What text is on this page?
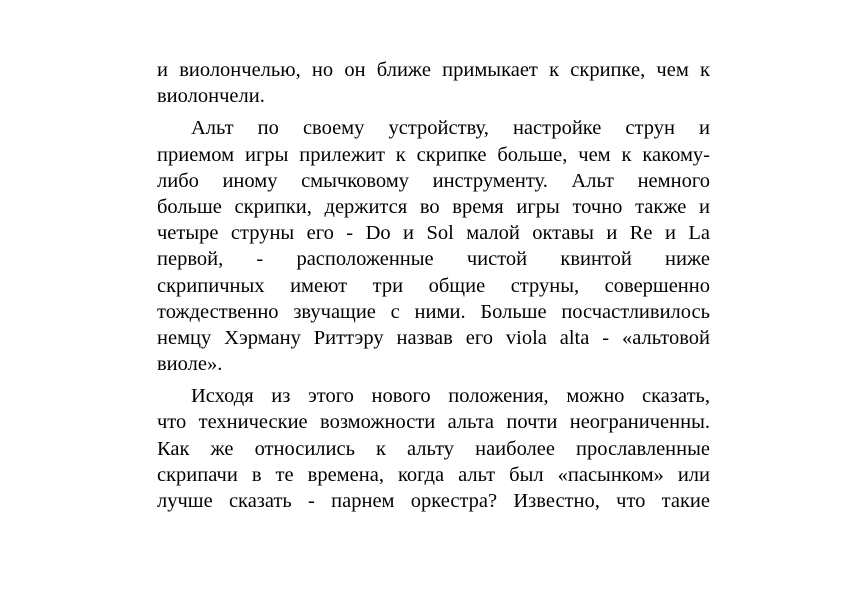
и виолончелью, но он ближе примыкает к скрипке, чем к
виолончели.
Альт по своему устройству, настройке струн и
приемом игры прилежит к скрипке больше, чем к какому-
либо иному смычковому инструменту. Альт немного
больше скрипки, держится во время игры точно также и
четыре струны его - Do и Sol малой октавы и Re и La
первой, - расположенные чистой квинтой ниже
скрипичных имеют три общие струны, совершенно
тождественно звучащие с ними. Больше посчастливилось
немцу Хэрману Риттэру назвав его viola alta - «альтовой
виоле».
Исходя из этого нового положения, можно сказать,
что технические возможности альта почти неограниченны.
Как же относились к альту наиболее прославленные
скрипачи в те времена, когда альт был «пасынком» или
лучше сказать - парнем оркестра? Известно, что такие
